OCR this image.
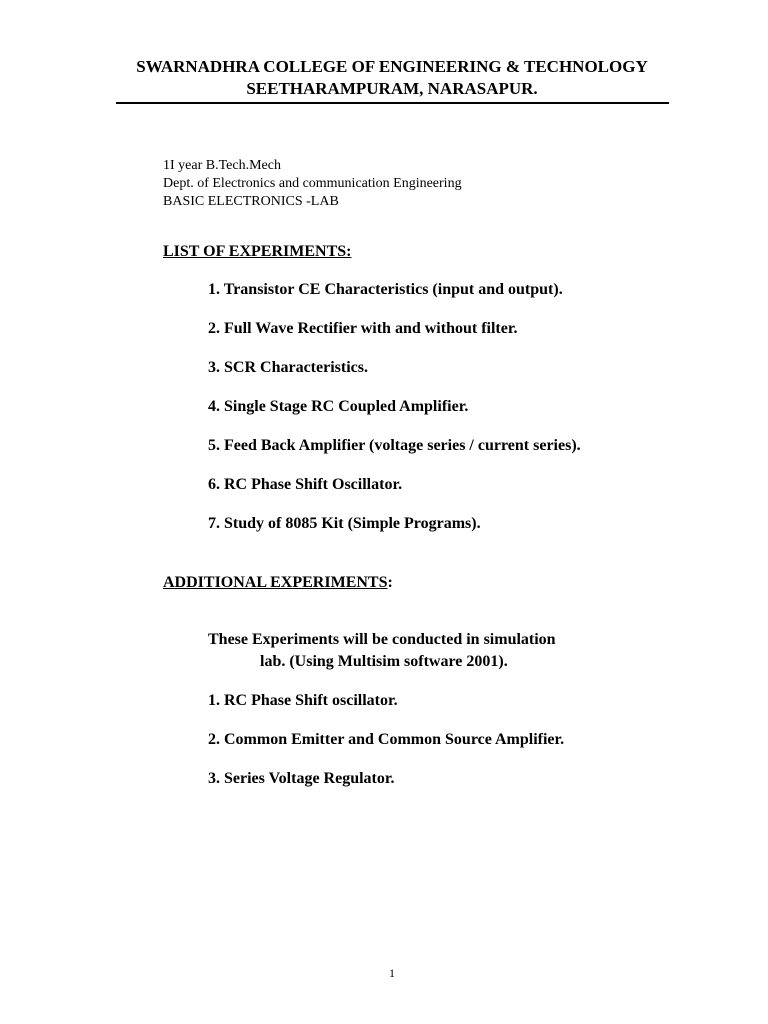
SWARNADHRA COLLEGE OF ENGINEERING & TECHNOLOGY
SEETHARAMPURAM, NARASAPUR.
1I year B.Tech.Mech
Dept. of Electronics and communication Engineering
BASIC ELECTRONICS -LAB
LIST OF EXPERIMENTS:
1. Transistor CE Characteristics (input and output).
2. Full Wave Rectifier with and without filter.
3. SCR Characteristics.
4. Single Stage RC Coupled Amplifier.
5. Feed Back Amplifier (voltage series / current series).
6. RC Phase Shift Oscillator.
7. Study of 8085 Kit (Simple Programs).
ADDITIONAL EXPERIMENTS:
These Experiments will be conducted in simulation
lab. (Using Multisim software 2001).
1. RC Phase Shift oscillator.
2. Common Emitter and Common Source Amplifier.
3. Series Voltage Regulator.
1
